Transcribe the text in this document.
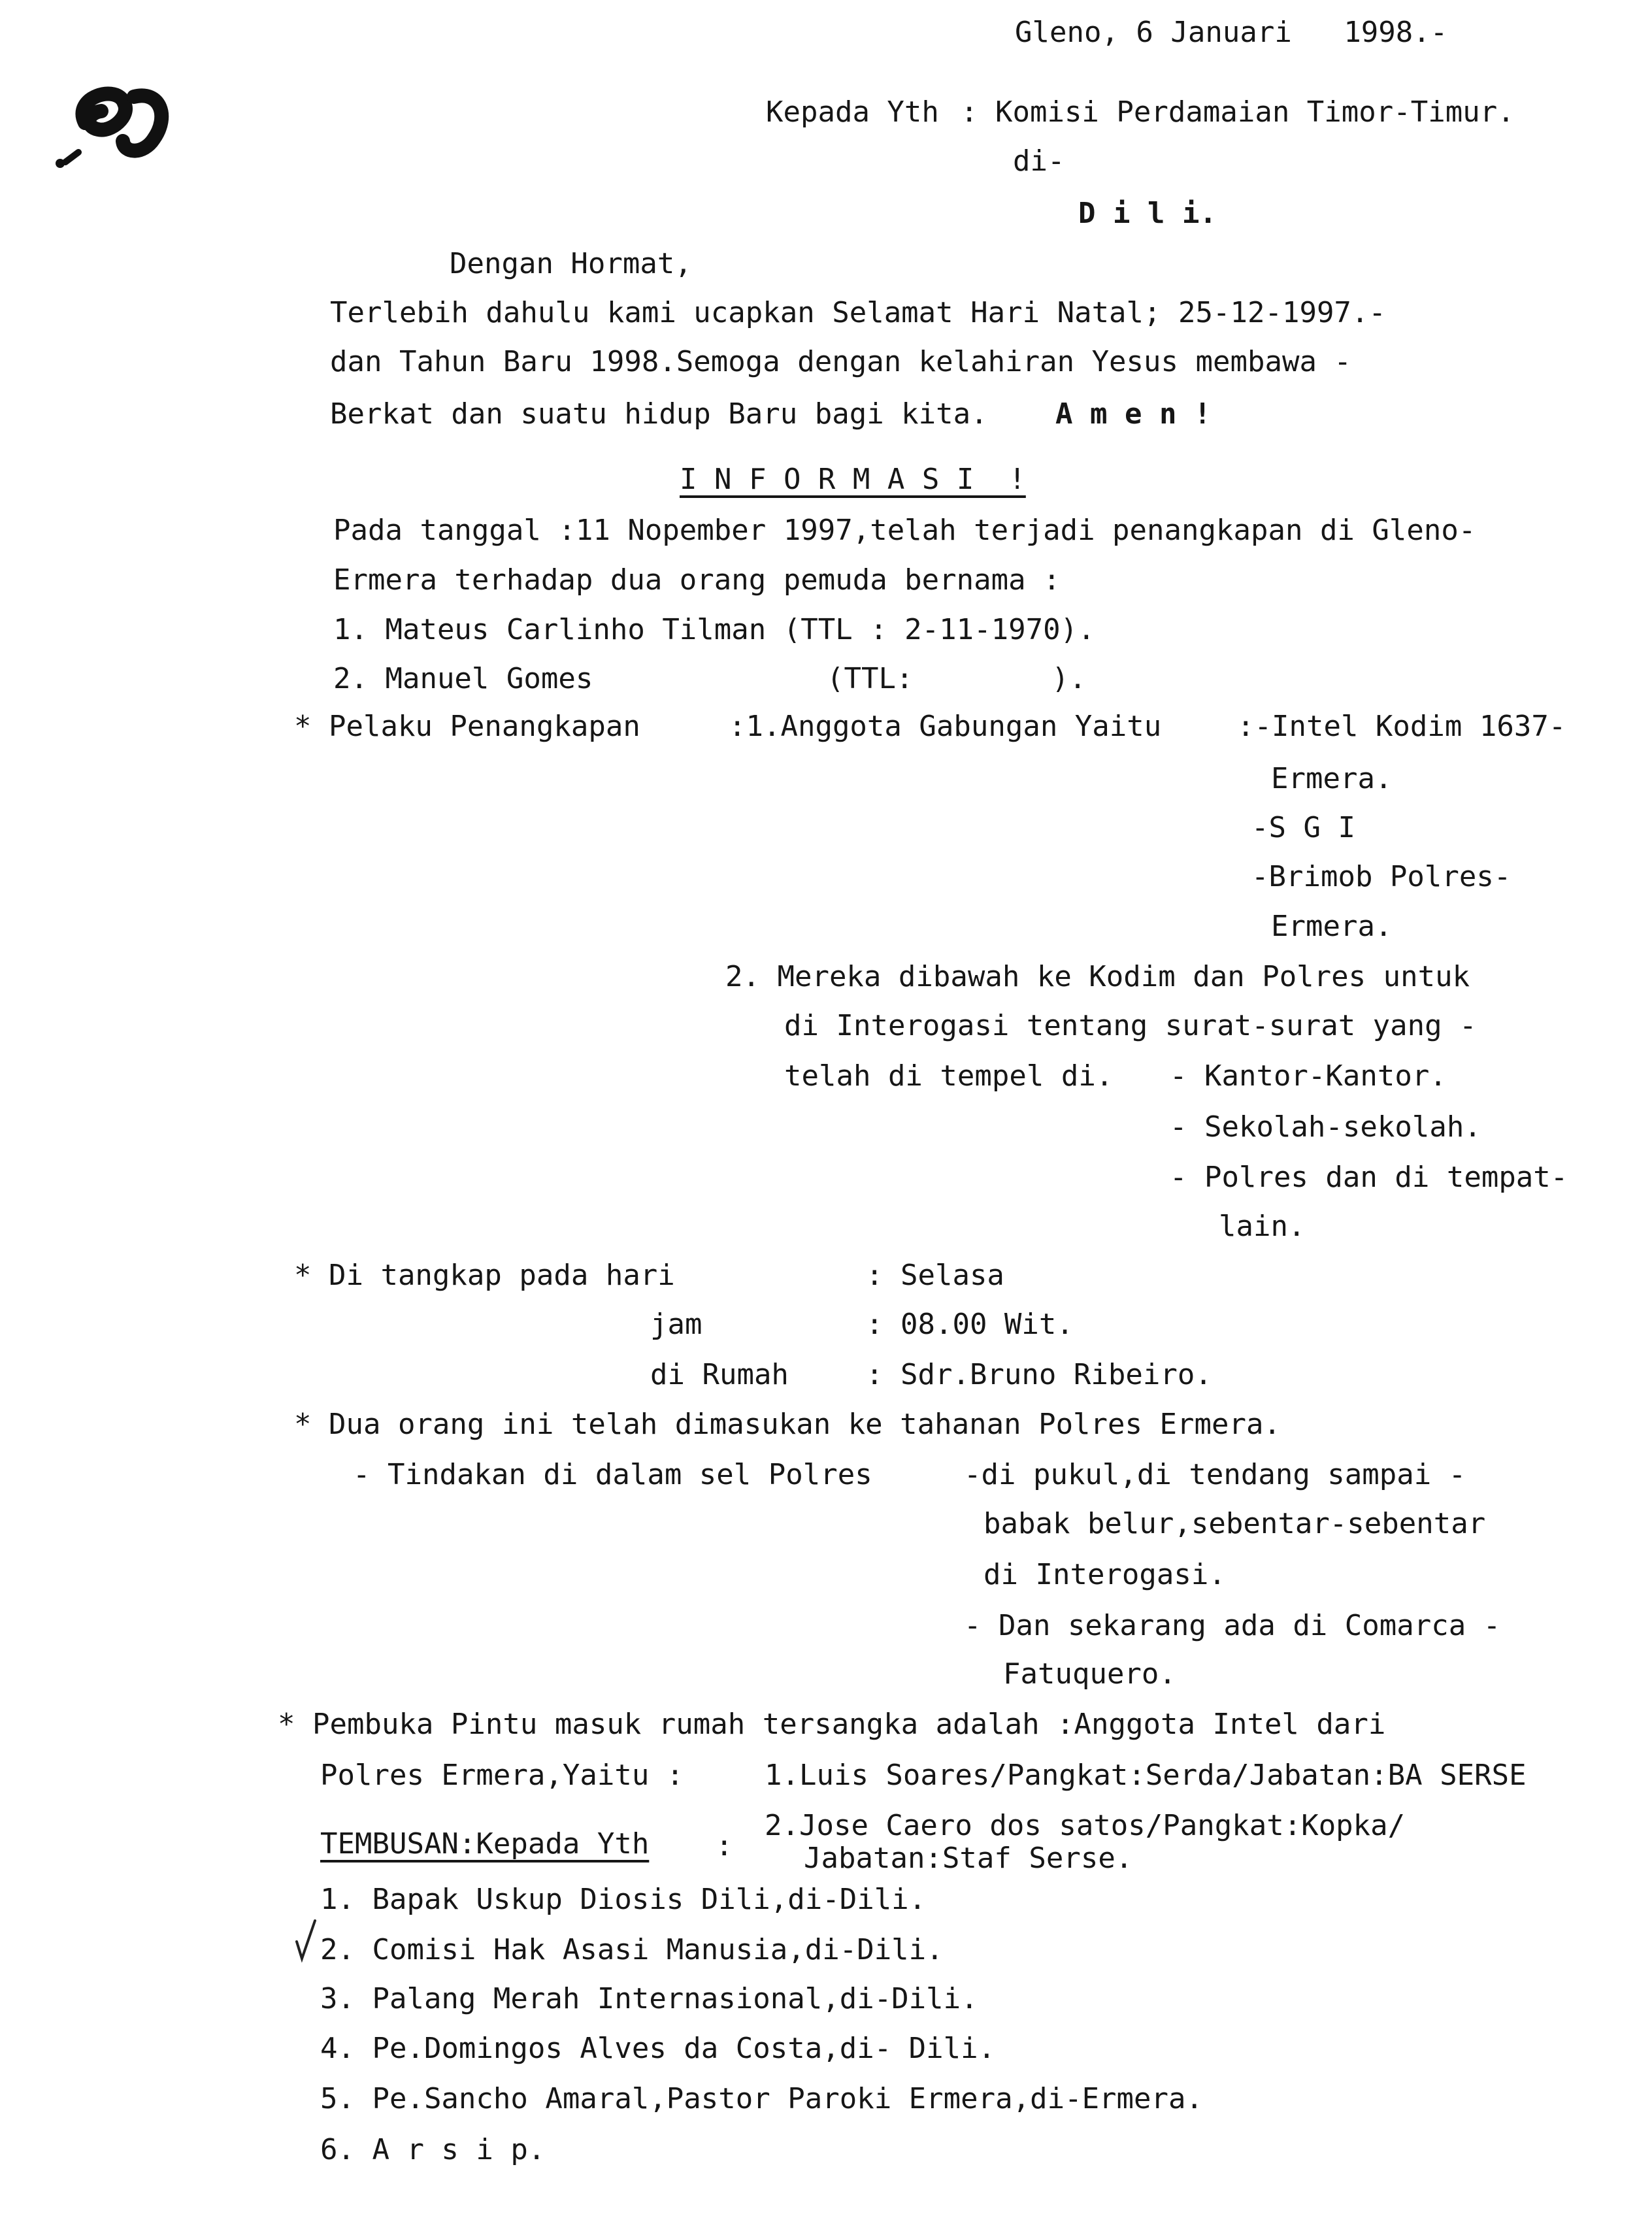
Gleno, 6 Januari   1998.-
Kepada Yth : Komisi Perdamaian Timor-Timur.
di-
D i l i.
Dengan Hormat,
Terlebih dahulu kami ucapkan Selamat Hari Natal; 25-12-1997.-
dan Tahun Baru 1998.Semoga dengan kelahiran Yesus membawa -
Berkat dan suatu hidup Baru bagi kita. A m e n !
I N F O R M A S I  !
Pada tanggal :11 Nopember 1997,telah terjadi penangkapan di Gleno-
Ermera terhadap dua orang pemuda bernama :
1. Mateus Carlinho Tilman (TTL : 2-11-1970).
2. Manuel Gomes	(TTL:        ).
* Pelaku Penangkapan	:1.Anggota Gabungan Yaitu	:-Intel Kodim 1637-
Ermera.
-S G I
-Brimob Polres-
Ermera.
2. Mereka dibawah ke Kodim dan Polres untuk
di Interogasi tentang surat-surat yang -
telah di tempel di. - Kantor-Kantor.
- Sekolah-sekolah.
- Polres dan di tempat-
lain.
* Di tangkap pada hari	: Selasa
jam	: 08.00 Wit.
di Rumah	: Sdr.Bruno Ribeiro.
* Dua orang ini telah dimasukan ke tahanan Polres Ermera.
- Tindakan di dalam sel Polres	-di pukul,di tendang sampai -
babak belur,sebentar-sebentar
di Interogasi.
- Dan sekarang ada di Comarca -
Fatuquero.
* Pembuka Pintu masuk rumah tersangka adalah :Anggota Intel dari
Polres Ermera,Yaitu :	1.Luis Soares/Pangkat:Serda/Jabatan:BA SERSE
TEMBUSAN:Kepada Yth :
2.Jose Caero dos satos/Pangkat:Kopka/
Jabatan:Staf Serse.
1. Bapak Uskup Diosis Dili,di-Dili.
2. Comisi Hak Asasi Manusia,di-Dili.
3. Palang Merah Internasional,di-Dili.
4. Pe.Domingos Alves da Costa,di- Dili.
5. Pe.Sancho Amaral,Pastor Paroki Ermera,di-Ermera.
6. A r s i p.
